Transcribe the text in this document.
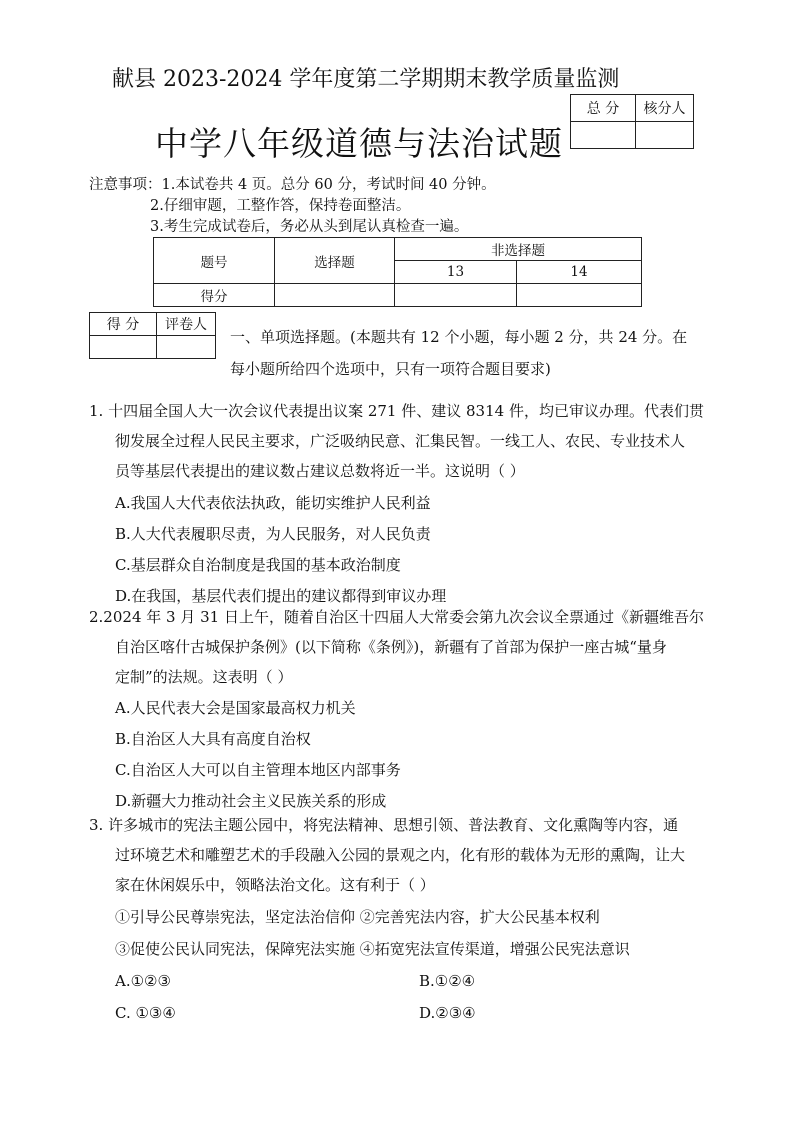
献县 2023-2024 学年度第二学期期末教学质量监测
中学八年级道德与法治试题
总 分	核分人

注意事项：1.本试卷共 4 页。总分 60 分，考试时间 40 分钟。
2.仔细审题，工整作答，保持卷面整洁。
3.考生完成试卷后，务必从头到尾认真检查一遍。
题号	选择题	非选择题	
		13	14
得分			
得 分	评卷人

一、单项选择题。(本题共有 12 个小题，每小题 2 分，共 24 分。在
每小题所给四个选项中，只有一项符合题目要求)

1. 十四届全国人大一次会议代表提出议案 271 件、建议 8314 件，均已审议办理。代表们贯

彻发展全过程人民民主要求，广泛吸纳民意、汇集民智。一线工人、农民、专业技术人

员等基层代表提出的建议数占建议总数将近一半。这说明（ ）

A.我国人大代表依法执政，能切实维护人民利益

B.人大代表履职尽责，为人民服务，对人民负责

C.基层群众自治制度是我国的基本政治制度

D.在我国，基层代表们提出的建议都得到审议办理

2.2024 年 3 月 31 日上午，随着自治区十四届人大常委会第九次会议全票通过《新疆维吾尔

自治区喀什古城保护条例》(以下简称《条例》)，新疆有了首部为保护一座古城“量身

定制”的法规。这表明（ ）

A.人民代表大会是国家最高权力机关

B.自治区人大具有高度自治权

C.自治区人大可以自主管理本地区内部事务

D.新疆大力推动社会主义民族关系的形成

3. 许多城市的宪法主题公园中，将宪法精神、思想引领、普法教育、文化熏陶等内容，通

过环境艺术和雕塑艺术的手段融入公园的景观之内，化有形的载体为无形的熏陶，让大

家在休闲娱乐中，领略法治文化。这有利于（ ）

①引导公民尊崇宪法，坚定法治信仰 ②完善宪法内容，扩大公民基本权利

③促使公民认同宪法，保障宪法实施 ④拓宽宪法宣传渠道，增强公民宪法意识

A.①②③	B.①②④
C. ①③④	D.②③④
